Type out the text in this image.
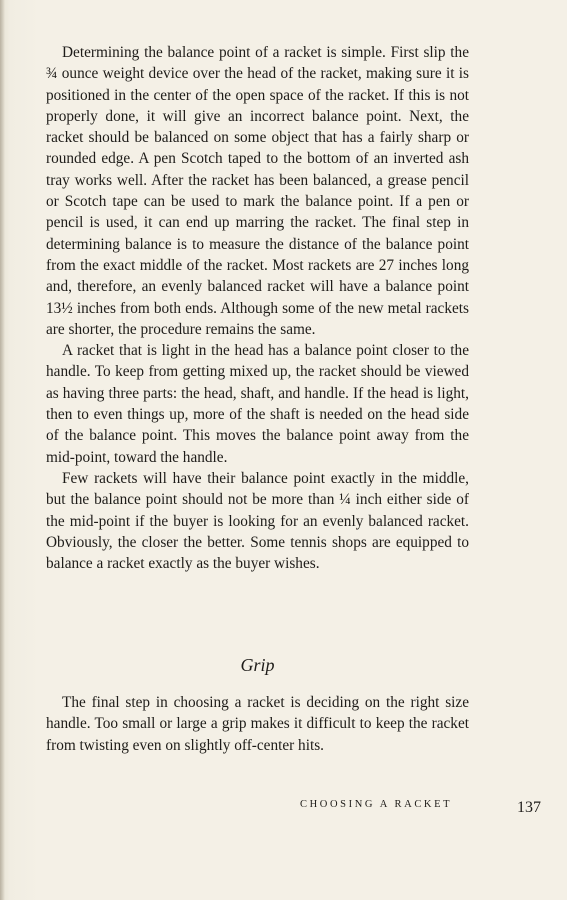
Determining the balance point of a racket is simple. First slip the ¾ ounce weight device over the head of the racket, making sure it is positioned in the center of the open space of the racket. If this is not properly done, it will give an incorrect balance point. Next, the racket should be balanced on some object that has a fairly sharp or rounded edge. A pen Scotch taped to the bottom of an inverted ash tray works well. After the racket has been balanced, a grease pencil or Scotch tape can be used to mark the balance point. If a pen or pencil is used, it can end up marring the racket. The final step in determining balance is to measure the distance of the balance point from the exact middle of the racket. Most rackets are 27 inches long and, therefore, an evenly balanced racket will have a balance point 13½ inches from both ends. Although some of the new metal rackets are shorter, the procedure remains the same.

A racket that is light in the head has a balance point closer to the handle. To keep from getting mixed up, the racket should be viewed as having three parts: the head, shaft, and handle. If the head is light, then to even things up, more of the shaft is needed on the head side of the balance point. This moves the balance point away from the mid-point, toward the handle.

Few rackets will have their balance point exactly in the middle, but the balance point should not be more than ¼ inch either side of the mid-point if the buyer is looking for an evenly balanced racket. Obviously, the closer the better. Some tennis shops are equipped to balance a racket exactly as the buyer wishes.

Grip

The final step in choosing a racket is deciding on the right size handle. Too small or large a grip makes it difficult to keep the racket from twisting even on slightly off-center hits.

CHOOSING A RACKET	137
